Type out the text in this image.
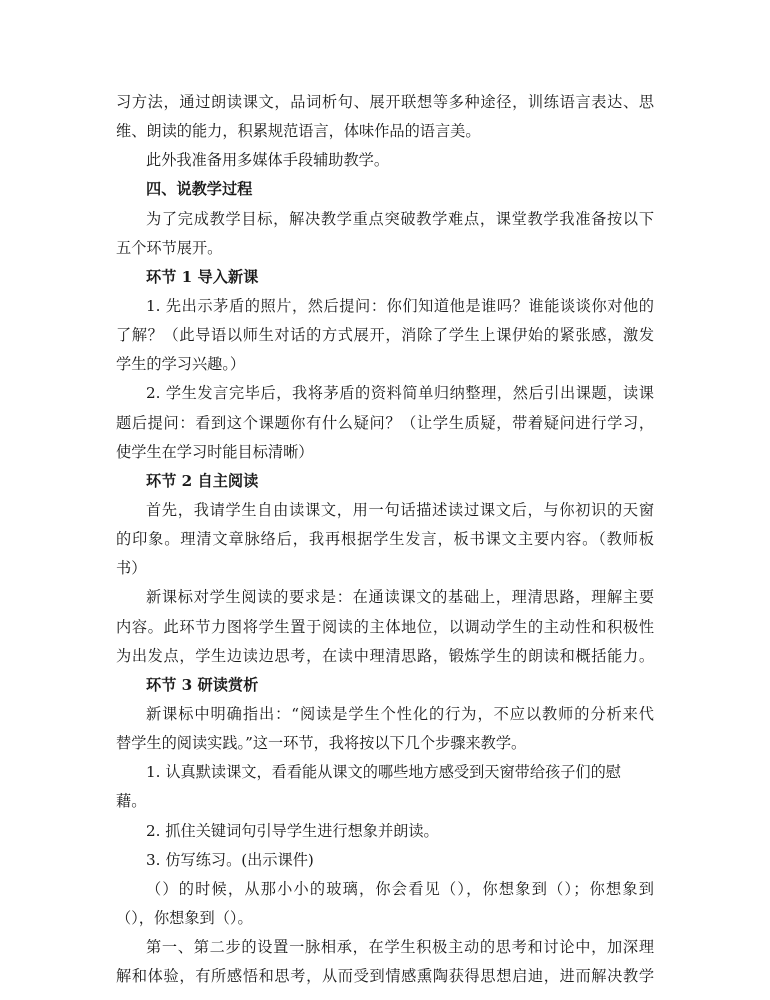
习方法，通过朗读课文，品词析句、展开联想等多种途径，训练语言表达、思

维、朗读的能力，积累规范语言，体味作品的语言美。

此外我准备用多媒体手段辅助教学。

四、说教学过程

为了完成教学目标，解决教学重点突破教学难点，课堂教学我准备按以下

五个环节展开。

环节 1 导入新课

1. 先出示茅盾的照片，然后提问：你们知道他是谁吗？谁能谈谈你对他的

了解？（此导语以师生对话的方式展开，消除了学生上课伊始的紧张感，激发

学生的学习兴趣。）

2. 学生发言完毕后，我将茅盾的资料简单归纳整理，然后引出课题，读课

题后提问：看到这个课题你有什么疑问？（让学生质疑，带着疑问进行学习，

使学生在学习时能目标清晰）

环节 2 自主阅读

首先，我请学生自由读课文，用一句话描述读过课文后，与你初识的天窗

的印象。理清文章脉络后，我再根据学生发言，板书课文主要内容。（教师板

书）

新课标对学生阅读的要求是：在通读课文的基础上，理清思路，理解主要

内容。此环节力图将学生置于阅读的主体地位，以调动学生的主动性和积极性

为出发点，学生边读边思考，在读中理清思路，锻炼学生的朗读和概括能力。

环节 3 研读赏析

新课标中明确指出：“阅读是学生个性化的行为，不应以教师的分析来代

替学生的阅读实践。”这一环节，我将按以下几个步骤来教学。

1. 认真默读课文，看看能从课文的哪些地方感受到天窗带给孩子们的慰

藉。

2. 抓住关键词句引导学生进行想象并朗读。

3. 仿写练习。(出示课件)

（）的时候，从那小小的玻璃，你会看见（），你想象到（）；你想象到

（），你想象到（）。

第一、第二步的设置一脉相承，在学生积极主动的思考和讨论中，加深理

解和体验，有所感悟和思考，从而受到情感熏陶获得思想启迪，进而解决教学
